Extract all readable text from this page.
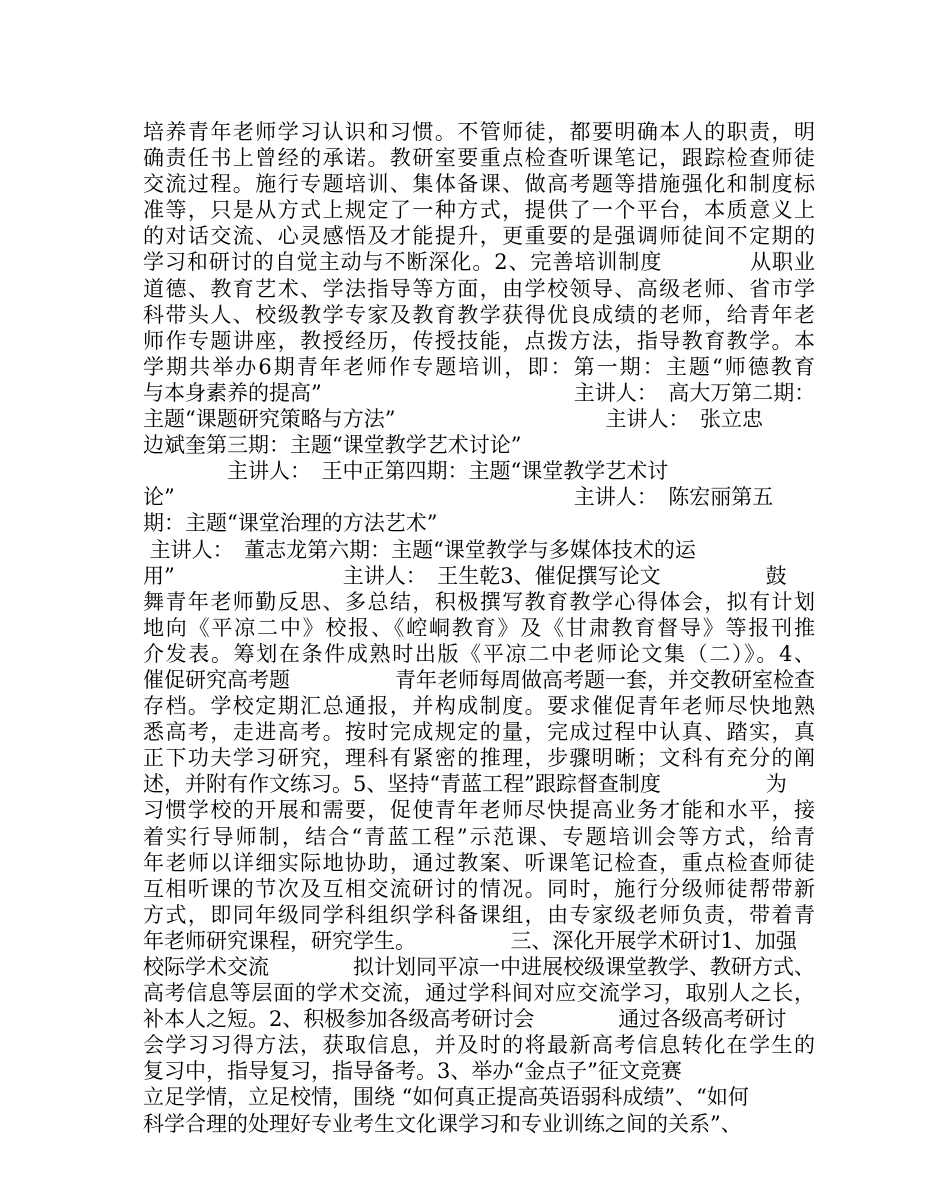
培养青年老师学习认识和习惯。不管师徒，都要明确本人的职责，明
确责任书上曾经的承诺。教研室要重点检查听课笔记，跟踪检查师徒
交流过程。施行专题培训、集体备课、做高考题等措施强化和制度标
准等，只是从方式上规定了一种方式，提供了一个平台，本质意义上
的对话交流、心灵感悟及才能提升，更重要的是强调师徒间不定期的
学习和研讨的自觉主动与不断深化。2、完善培训制度　　　　从职业
道德、教育艺术、学法指导等方面，由学校领导、高级老师、省市学
科带头人、校级教学专家及教育教学获得优良成绩的老师，给青年老
师作专题讲座，教授经历，传授技能，点拨方法，指导教育教学。本
学期共举办6期青年老师作专题培训，即：第一期：主题“师德教育
与本身素养的提高”　　　　　　　　　　　　主讲人：　高大万第二期：
主题“课题研究策略与方法”　　　　　　　　　　主讲人：　张立忠
边斌奎第三期：主题“课堂教学艺术讨论”
　　　　主讲人：　王中正第四期：主题“课堂教学艺术讨
论”　　　　　　　　　　　　　　　　　　　主讲人：　陈宏丽第五
期：主题“课堂治理的方法艺术”
主讲人：　董志龙第六期：主题“课堂教学与多媒体技术的运
用”　　　　　　　　主讲人：　王生乾3、催促撰写论文　　　　　鼓
舞青年老师勤反思、多总结，积极撰写教育教学心得体会，拟有计划
地向《平凉二中》校报、《崆峒教育》及《甘肃教育督导》等报刊推
介发表。筹划在条件成熟时出版《平凉二中老师论文集（二）》。4、
催促研究高考题　　　　　青年老师每周做高考题一套，并交教研室检查
存档。学校定期汇总通报，并构成制度。要求催促青年老师尽快地熟
悉高考，走进高考。按时完成规定的量，完成过程中认真、踏实，真
正下功夫学习研究，理科有紧密的推理，步骤明晰；文科有充分的阐
述，并附有作文练习。5、坚持“青蓝工程”跟踪督查制度　　　　　为
习惯学校的开展和需要，促使青年老师尽快提高业务才能和水平，接
着实行导师制，结合“青蓝工程”示范课、专题培训会等方式，给青
年老师以详细实际地协助，通过教案、听课笔记检查，重点检查师徒
互相听课的节次及互相交流研讨的情况。同时，施行分级师徒帮带新
方式，即同年级同学科组织学科备课组，由专家级老师负责，带着青
年老师研究课程，研究学生。　　　　　三、深化开展学术研讨1、加强
校际学术交流　　　　拟计划同平凉一中进展校级课堂教学、教研方式、
高考信息等层面的学术交流，通过学科间对应交流学习，取别人之长，
补本人之短。2、积极参加各级高考研讨会　　　　通过各级高考研讨
会学习习得方法，获取信息，并及时的将最新高考信息转化在学生的
复习中，指导复习，指导备考。3、举办“金点子”征文竞赛
立足学情，立足校情，围绕 “如何真正提高英语弱科成绩”、“如何
科学合理的处理好专业考生文化课学习和专业训练之间的关系”、
